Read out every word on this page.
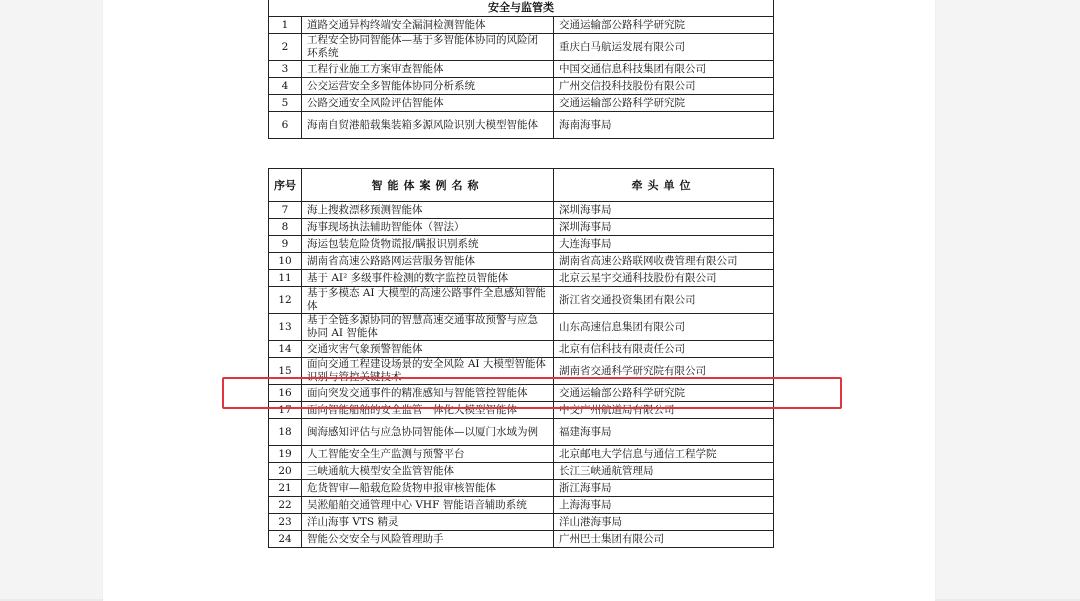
安全与监管类		
1	道路交通异构终端安全漏洞检测智能体	交通运输部公路科学研究院
2	工程安全协同智能体—基于多智能体协同的风险闭环系统	重庆白马航运发展有限公司
3	工程行业施工方案审查智能体	中国交通信息科技集团有限公司
4	公交运营安全多智能体协同分析系统	广州交信投科技股份有限公司
5	公路交通安全风险评估智能体	交通运输部公路科学研究院
6	海南自贸港船载集装箱多源风险识别大模型智能体	海南海事局
序号	智能体案例名称	牵头单位
7	海上搜救漂移预测智能体	深圳海事局
8	海事现场执法辅助智能体（智法）	深圳海事局
9	海运包装危险货物谎报/瞒报识别系统	大连海事局
10	湖南省高速公路路网运营服务智能体	湖南省高速公路联网收费管理有限公司
11	基于 AI² 多级事件检测的数字监控员智能体	北京云星宇交通科技股份有限公司
12	基于多模态 AI 大模型的高速公路事件全息感知智能体	浙江省交通投资集团有限公司
13	基于全链多源协同的智慧高速交通事故预警与应急协同 AI 智能体	山东高速信息集团有限公司
14	交通灾害气象预警智能体	北京有信科技有限责任公司
15	面向交通工程建设场景的安全风险 AI 大模型智能体识别与管控关键技术	湖南省交通科学研究院有限公司
16	面向突发交通事件的精准感知与智能管控智能体	交通运输部公路科学研究院
17	面向智能船舶的安全监管一体化大模型智能体	中交广州航道局有限公司
18	闽海感知评估与应急协同智能体—以厦门水域为例	福建海事局
19	人工智能安全生产监测与预警平台	北京邮电大学信息与通信工程学院
20	三峡通航大模型安全监管智能体	长江三峡通航管理局
21	危货智审—船载危险货物申报审核智能体	浙江海事局
22	吴淞船舶交通管理中心 VHF 智能语音辅助系统	上海海事局
23	洋山海事 VTS 精灵	洋山港海事局
24	智能公交安全与风险管理助手	广州巴士集团有限公司
